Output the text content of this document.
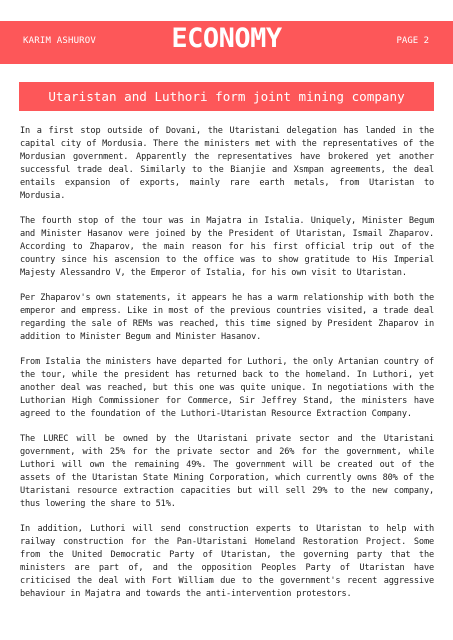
KARIM ASHUROV	ECONOMY	PAGE 2
Utaristan and Luthori form joint mining company

In a first stop outside of Dovani, the Utaristani delegation has landed in the capital city of Mordusia. There the ministers met with the representatives of the Mordusian government. Apparently the representatives have brokered yet another successful trade deal. Similarly to the Bianjie and Xsmpan agreements, the deal entails expansion of exports, mainly rare earth metals, from Utaristan to Mordusia.

The fourth stop of the tour was in Majatra in Istalia. Uniquely, Minister Begum and Minister Hasanov were joined by the President of Utaristan, Ismail Zhaparov. According to Zhaparov, the main reason for his first official trip out of the country since his ascension to the office was to show gratitude to His Imperial Majesty Alessandro V, the Emperor of Istalia, for his own visit to Utaristan.

Per Zhaparov's own statements, it appears he has a warm relationship with both the emperor and empress. Like in most of the previous countries visited, a trade deal regarding the sale of REMs was reached, this time signed by President Zhaparov in addition to Minister Begum and Minister Hasanov.

From Istalia the ministers have departed for Luthori, the only Artanian country of the tour, while the president has returned back to the homeland. In Luthori, yet another deal was reached, but this one was quite unique. In negotiations with the Luthorian High Commissioner for Commerce, Sir Jeffrey Stand, the ministers have agreed to the foundation of the Luthori-Utaristan Resource Extraction Company.

The LUREC will be owned by the Utaristani private sector and the Utaristani government, with 25% for the private sector and 26% for the government, while Luthori will own the remaining 49%. The government will be created out of the assets of the Utaristan State Mining Corporation, which currently owns 80% of the Utaristani resource extraction capacities but will sell 29% to the new company, thus lowering the share to 51%.

In addition, Luthori will send construction experts to Utaristan to help with railway construction for the Pan-Utaristani Homeland Restoration Project. Some from the United Democratic Party of Utaristan, the governing party that the ministers are part of, and the opposition Peoples Party of Utaristan have criticised the deal with Fort William due to the government's recent aggressive behaviour in Majatra and towards the anti-intervention protestors.
